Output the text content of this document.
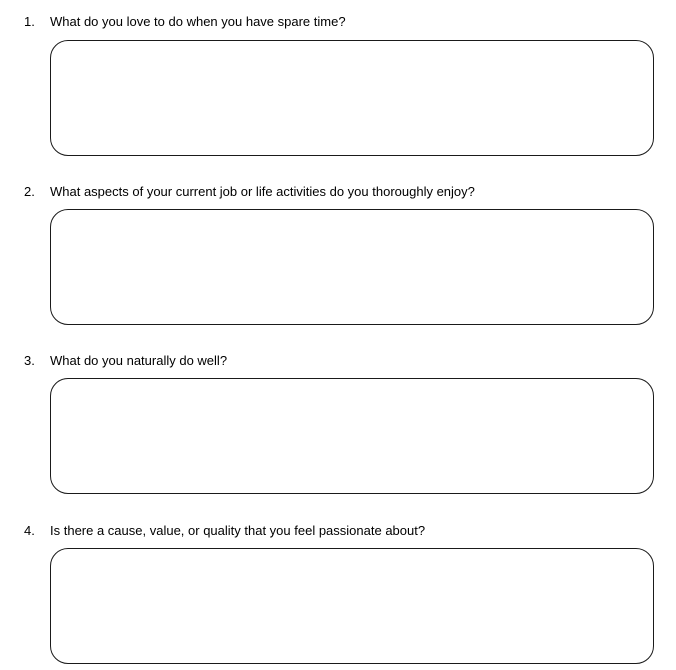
1. What do you love to do when you have spare time?
2. What aspects of your current job or life activities do you thoroughly enjoy?
3. What do you naturally do well?
4. Is there a cause, value, or quality that you feel passionate about?
